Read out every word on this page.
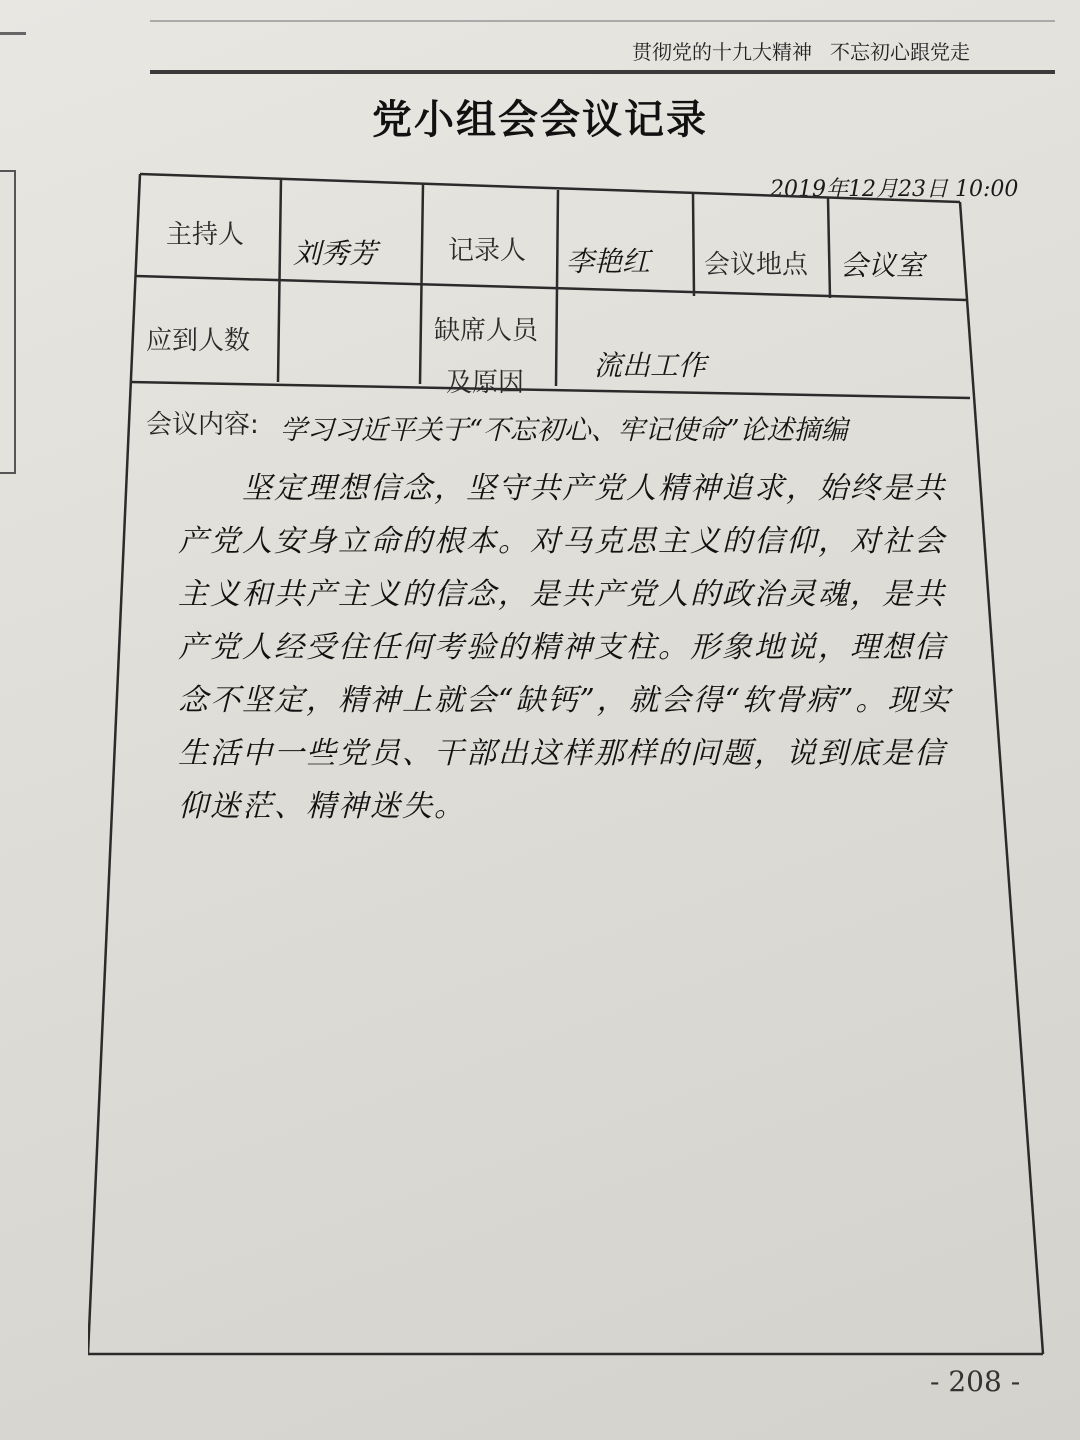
贯彻党的十九大精神 不忘初心跟党走
党小组会会议记录
2019年12月23日 10:00
主持人
刘秀芳	记录人 李艳红 会议地点 会议室
应到人数	缺席人员
及原因
流出工作
会议内容: 学习习近平关于“不忘初心、牢记使命”论述摘编

坚定理想信念，坚守共产党人精神追求，始终是共产党人安身立命的根本。对马克思主义的信仰，对社会主义和共产主义的信念，是共产党人的政治灵魂，是共产党人经受住任何考验的精神支柱。形象地说，理想信念不坚定，精神上就会“缺钙”，就会得“软骨病”。现实生活中一些党员、干部出这样那样的问题，说到底是信仰迷茫、精神迷失。

- 208 -
